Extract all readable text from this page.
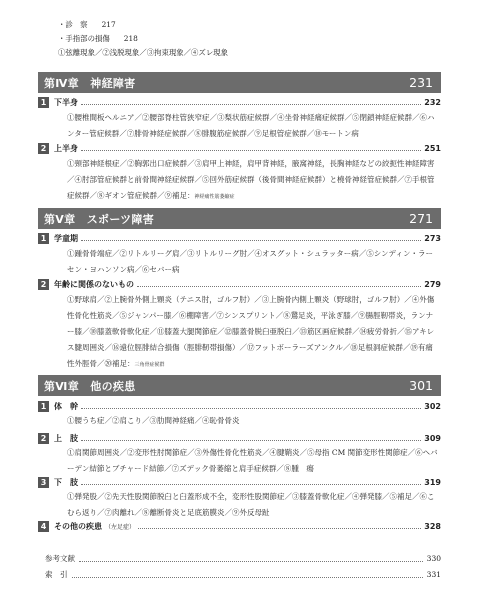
・診　察 217
・手指部の損傷 218
①弦離現象／②浅脱現象／③拘束現象／④ズレ現象
第Ⅳ章　神経障害	231
1 下半身	232
①腰椎間板ヘルニア／②腰部脊柱管狭窄症／③梨状筋症候群／④坐骨神経痛症候群／⑤閉鎖神経症候群／⑥ハンター管症候群／⑦腓骨神経症候群／⑧腓腹筋症候群／⑨足根管症候群／⑩モートン病
2 上半身	251
①頸部神経根症／②胸郭出口症候群／③肩甲上神経，肩甲背神経，腋窩神経，長胸神経などの絞扼性神経障害／④肘部管症候群と前骨間神経症候群／⑤回外筋症候群（後骨間神経症候群）と橈骨神経管症候群／⑦手根管症候群／⑧ギオン管症候群／⑨補足：神経痛性筋萎縮症
第Ⅴ章　スポーツ障害	271
1 学童期	273
①踵骨骨端症／②リトルリーグ肩／③リトルリーグ肘／④オスグット・シュラッター病／⑤シンディン・ラーセン・ヨハンソン病／⑥セバー病
2 年齢に関係のないもの	279
①野球肩／②上腕骨外側上顆炎（テニス肘，ゴルフ肘）／③上腕骨内側上顆炎（野球肘，ゴルフ肘）／④外傷性骨化性筋炎／⑤ジャンパー膝／⑥棚障害／⑦シンスプリント／⑧鵞足炎，平泳ぎ膝／⑨腸脛靭帯炎，ランナー膝／⑩膝蓋軟骨軟化症／⑪膝蓋大腿関節症／⑫膝蓋骨脱臼亜脱臼／⑬筋区画症候群／⑭疲労骨折／⑮アキレス腱周囲炎／⑯遠位脛腓結合損傷（脛腓靭帯損傷）／⑰フットボーラーズアンクル／⑱足根洞症候群／⑲有痛性外脛骨／⑳補足：三角骨症候群
第Ⅵ章　他の疾患	301
1 体　幹	302
①腰うち症／②肩こり／③肋間神経痛／④恥骨骨炎
2 上　肢	309
①肩関節周囲炎／②変形性肘関節症／③外傷性骨化性筋炎／④腱鞘炎／⑤母指 CM 関節変形性関節症／⑥ヘバーデン結節とブチャード結節／⑦ズデック骨萎縮と肩手症候群／⑧腫　瘍
3 下　肢	319
①弾発股／②先天性股関節脱臼と臼蓋形成不全，変形性股関節症／③膝蓋骨軟化症／④弾発膝／⑤補足／⑥こむら返り／⑦肉離れ／⑧離断骨炎と足底筋膜炎／⑨外反母趾
4 その他の疾患 （左足症）	328
参考文献	330
索　引	331
